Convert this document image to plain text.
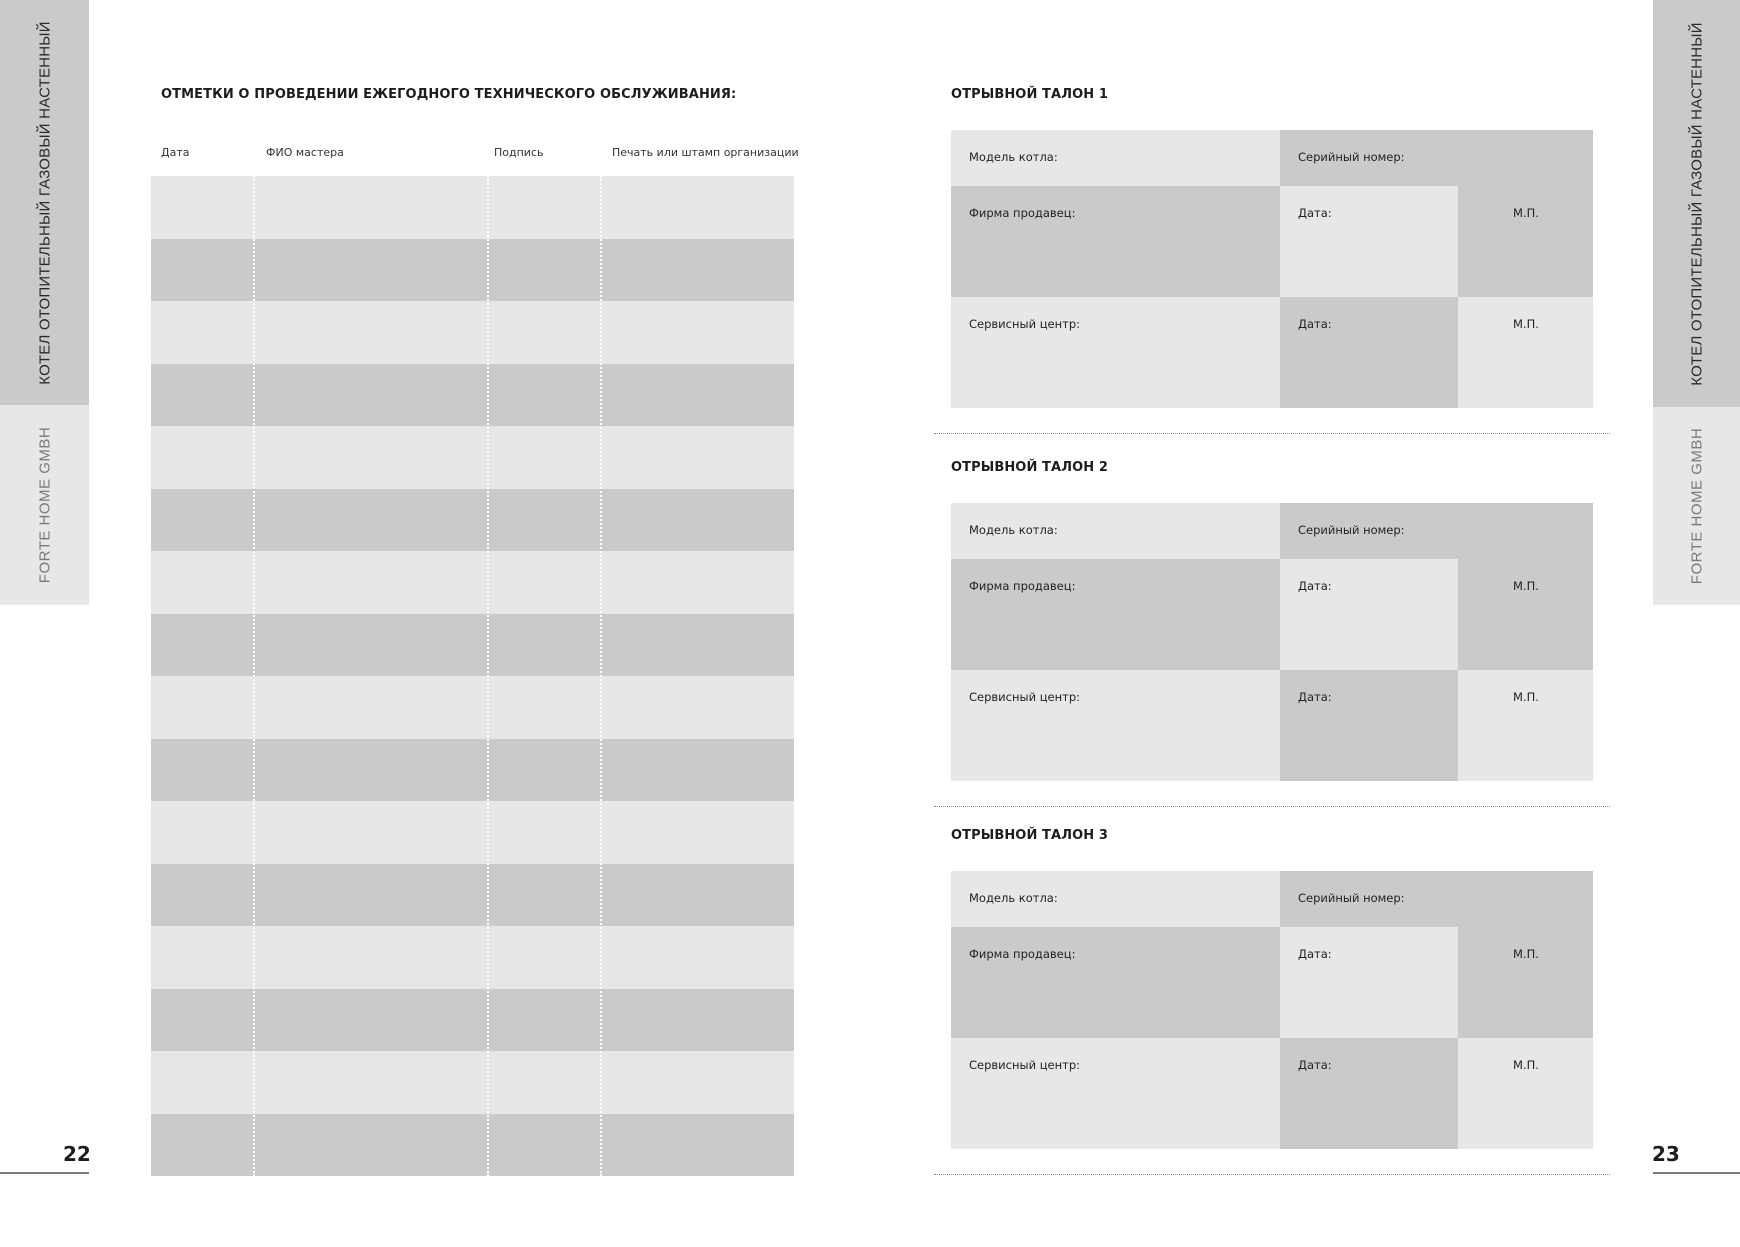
КОТЕЛ ОТОПИТЕЛЬНЫЙ ГАЗОВЫЙ НАСТЕННЫЙ
FORTE HOME GMBH
22
КОТЕЛ ОТОПИТЕЛЬНЫЙ ГАЗОВЫЙ НАСТЕННЫЙ
FORTE HOME GMBH
23
ОТМЕТКИ О ПРОВЕДЕНИИ ЕЖЕГОДНОГО ТЕХНИЧЕСКОГО ОБСЛУЖИВАНИЯ:
Дата	ФИО мастера	Подпись	Печать или штамп организации
ОТРЫВНОЙ ТАЛОН 1
Модель котла:	Серийный номер:
Фирма продавец:	Дата:	М.П.
Сервисный центр:	Дата:	М.П.
ОТРЫВНОЙ ТАЛОН 2
Модель котла:	Серийный номер:
Фирма продавец:	Дата:	М.П.
Сервисный центр:	Дата:	М.П.
ОТРЫВНОЙ ТАЛОН 3
Модель котла:	Серийный номер:
Фирма продавец:	Дата:	М.П.
Сервисный центр:	Дата:	М.П.
